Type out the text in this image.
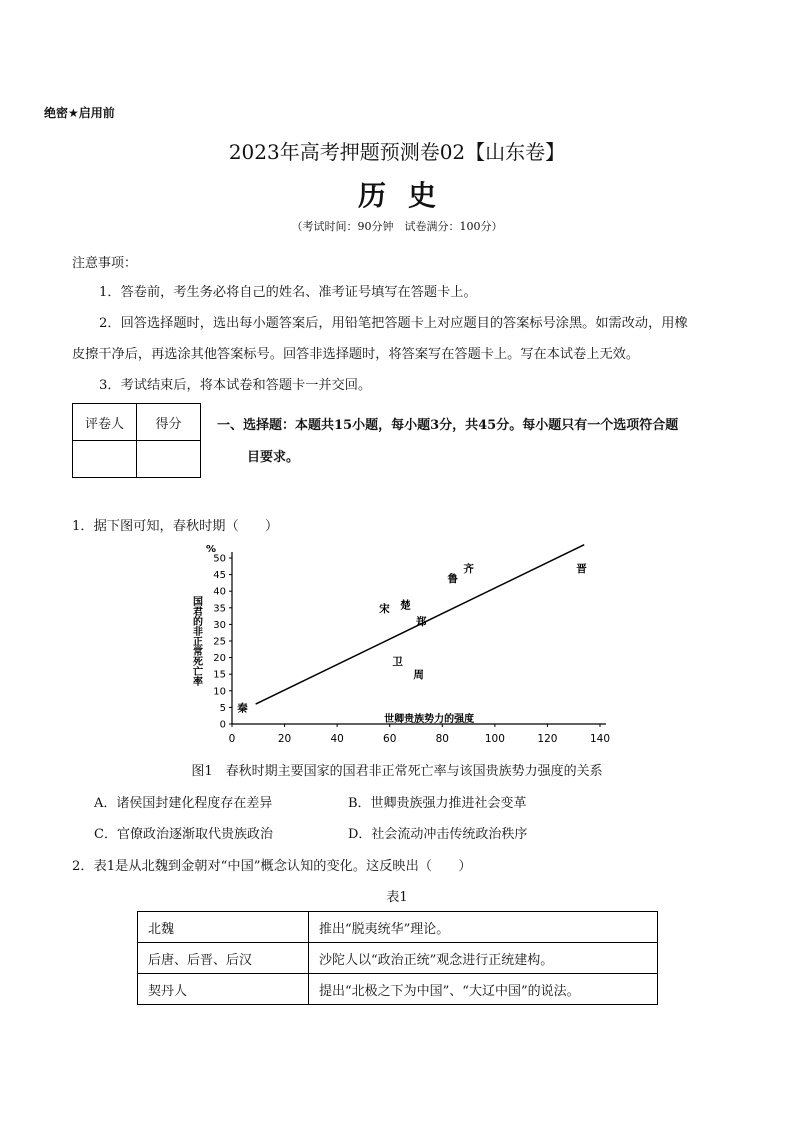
绝密★启用前
2023年高考押题预测卷02【山东卷】
历史
（考试时间：90分钟　试卷满分：100分）
注意事项：
1．答卷前，考生务必将自己的姓名、准考证号填写在答题卡上。
2．回答选择题时，选出每小题答案后，用铅笔把答题卡上对应题目的答案标号涂黑。如需改动，用橡
皮擦干净后，再选涂其他答案标号。回答非选择题时，将答案写在答题卡上。写在本试卷上无效。
3．考试结束后，将本试卷和答题卡一并交回。
评卷人	得分
		一、选择题：本题共15小题，每小题3分，共45分。每小题只有一个选项符合题
目要求。
1．据下图可知，春秋时期（　　）
0	20	40	60	80	100	120	140
0
5
10
15
20
25
30
35
40
45
50
秦
宋 楚
郑
卫
周
鲁
齐	晋
国君的非正常死亡率
%
世卿贵族势力的强度
图1　春秋时期主要国家的国君非正常死亡率与该国贵族势力强度的关系
A．诸侯国封建化程度存在差异	B．世卿贵族强力推进社会变革
C．官僚政治逐渐取代贵族政治	D．社会流动冲击传统政治秩序
2．表1是从北魏到金朝对“中国”概念认知的变化。这反映出（　　）
表1
北魏	推出“脱夷统华”理论。
后唐、后晋、后汉	沙陀人以“政治正统”观念进行正统建构。
契丹人	提出“北极之下为中国”、“大辽中国”的说法。
